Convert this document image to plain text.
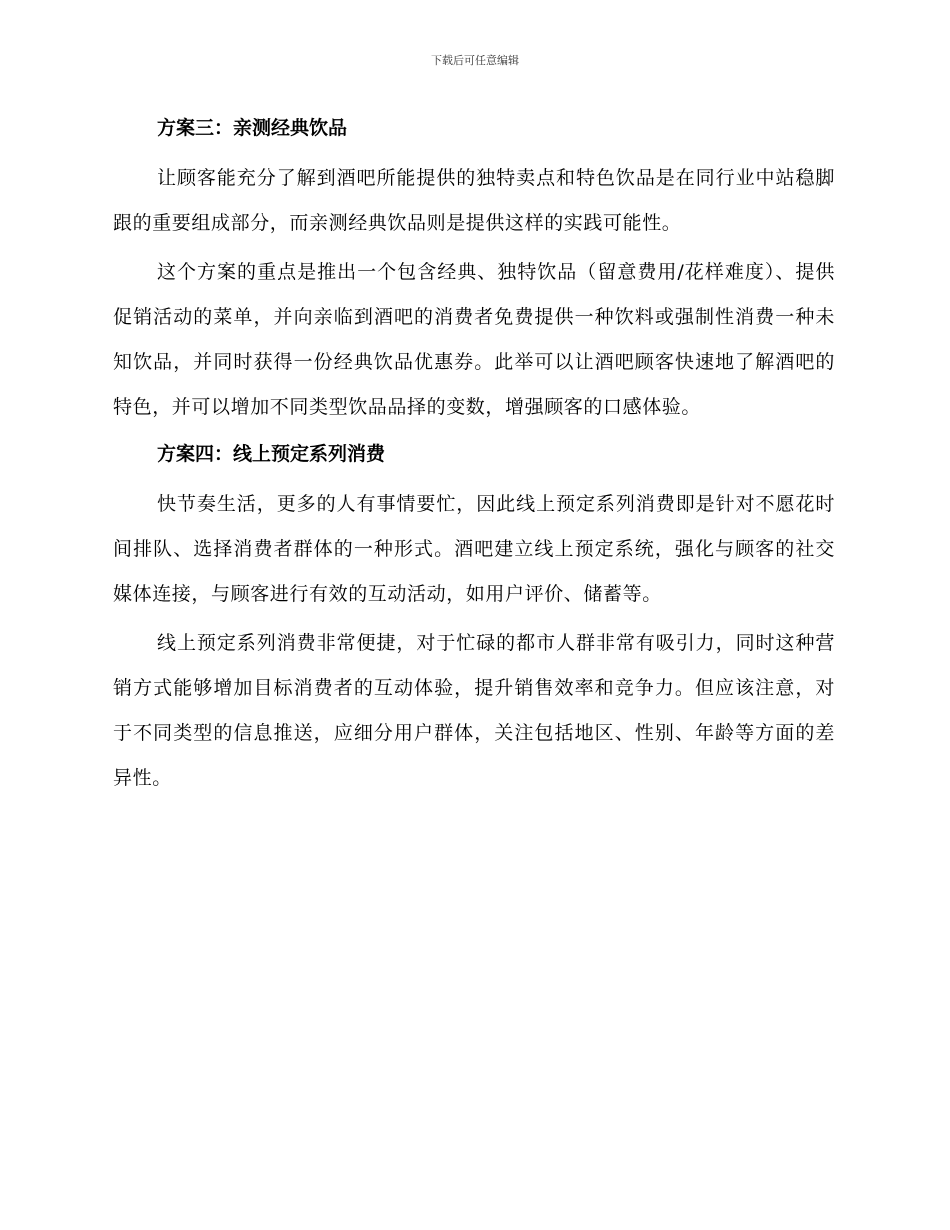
下载后可任意编辑
方案三：亲测经典饮品

让顾客能充分了解到酒吧所能提供的独特卖点和特色饮品是在同行业中站稳脚跟的重要组成部分，而亲测经典饮品则是提供这样的实践可能性。

这个方案的重点是推出一个包含经典、独特饮品（留意费用/花样难度）、提供促销活动的菜单，并向亲临到酒吧的消费者免费提供一种饮料或强制性消费一种未知饮品，并同时获得一份经典饮品优惠券。此举可以让酒吧顾客快速地了解酒吧的特色，并可以增加不同类型饮品品择的变数，增强顾客的口感体验。

方案四：线上预定系列消费

快节奏生活，更多的人有事情要忙，因此线上预定系列消费即是针对不愿花时间排队、选择消费者群体的一种形式。酒吧建立线上预定系统，强化与顾客的社交媒体连接，与顾客进行有效的互动活动，如用户评价、储蓄等。

线上预定系列消费非常便捷，对于忙碌的都市人群非常有吸引力，同时这种营销方式能够增加目标消费者的互动体验，提升销售效率和竞争力。但应该注意，对于不同类型的信息推送，应细分用户群体，关注包括地区、性别、年龄等方面的差异性。
